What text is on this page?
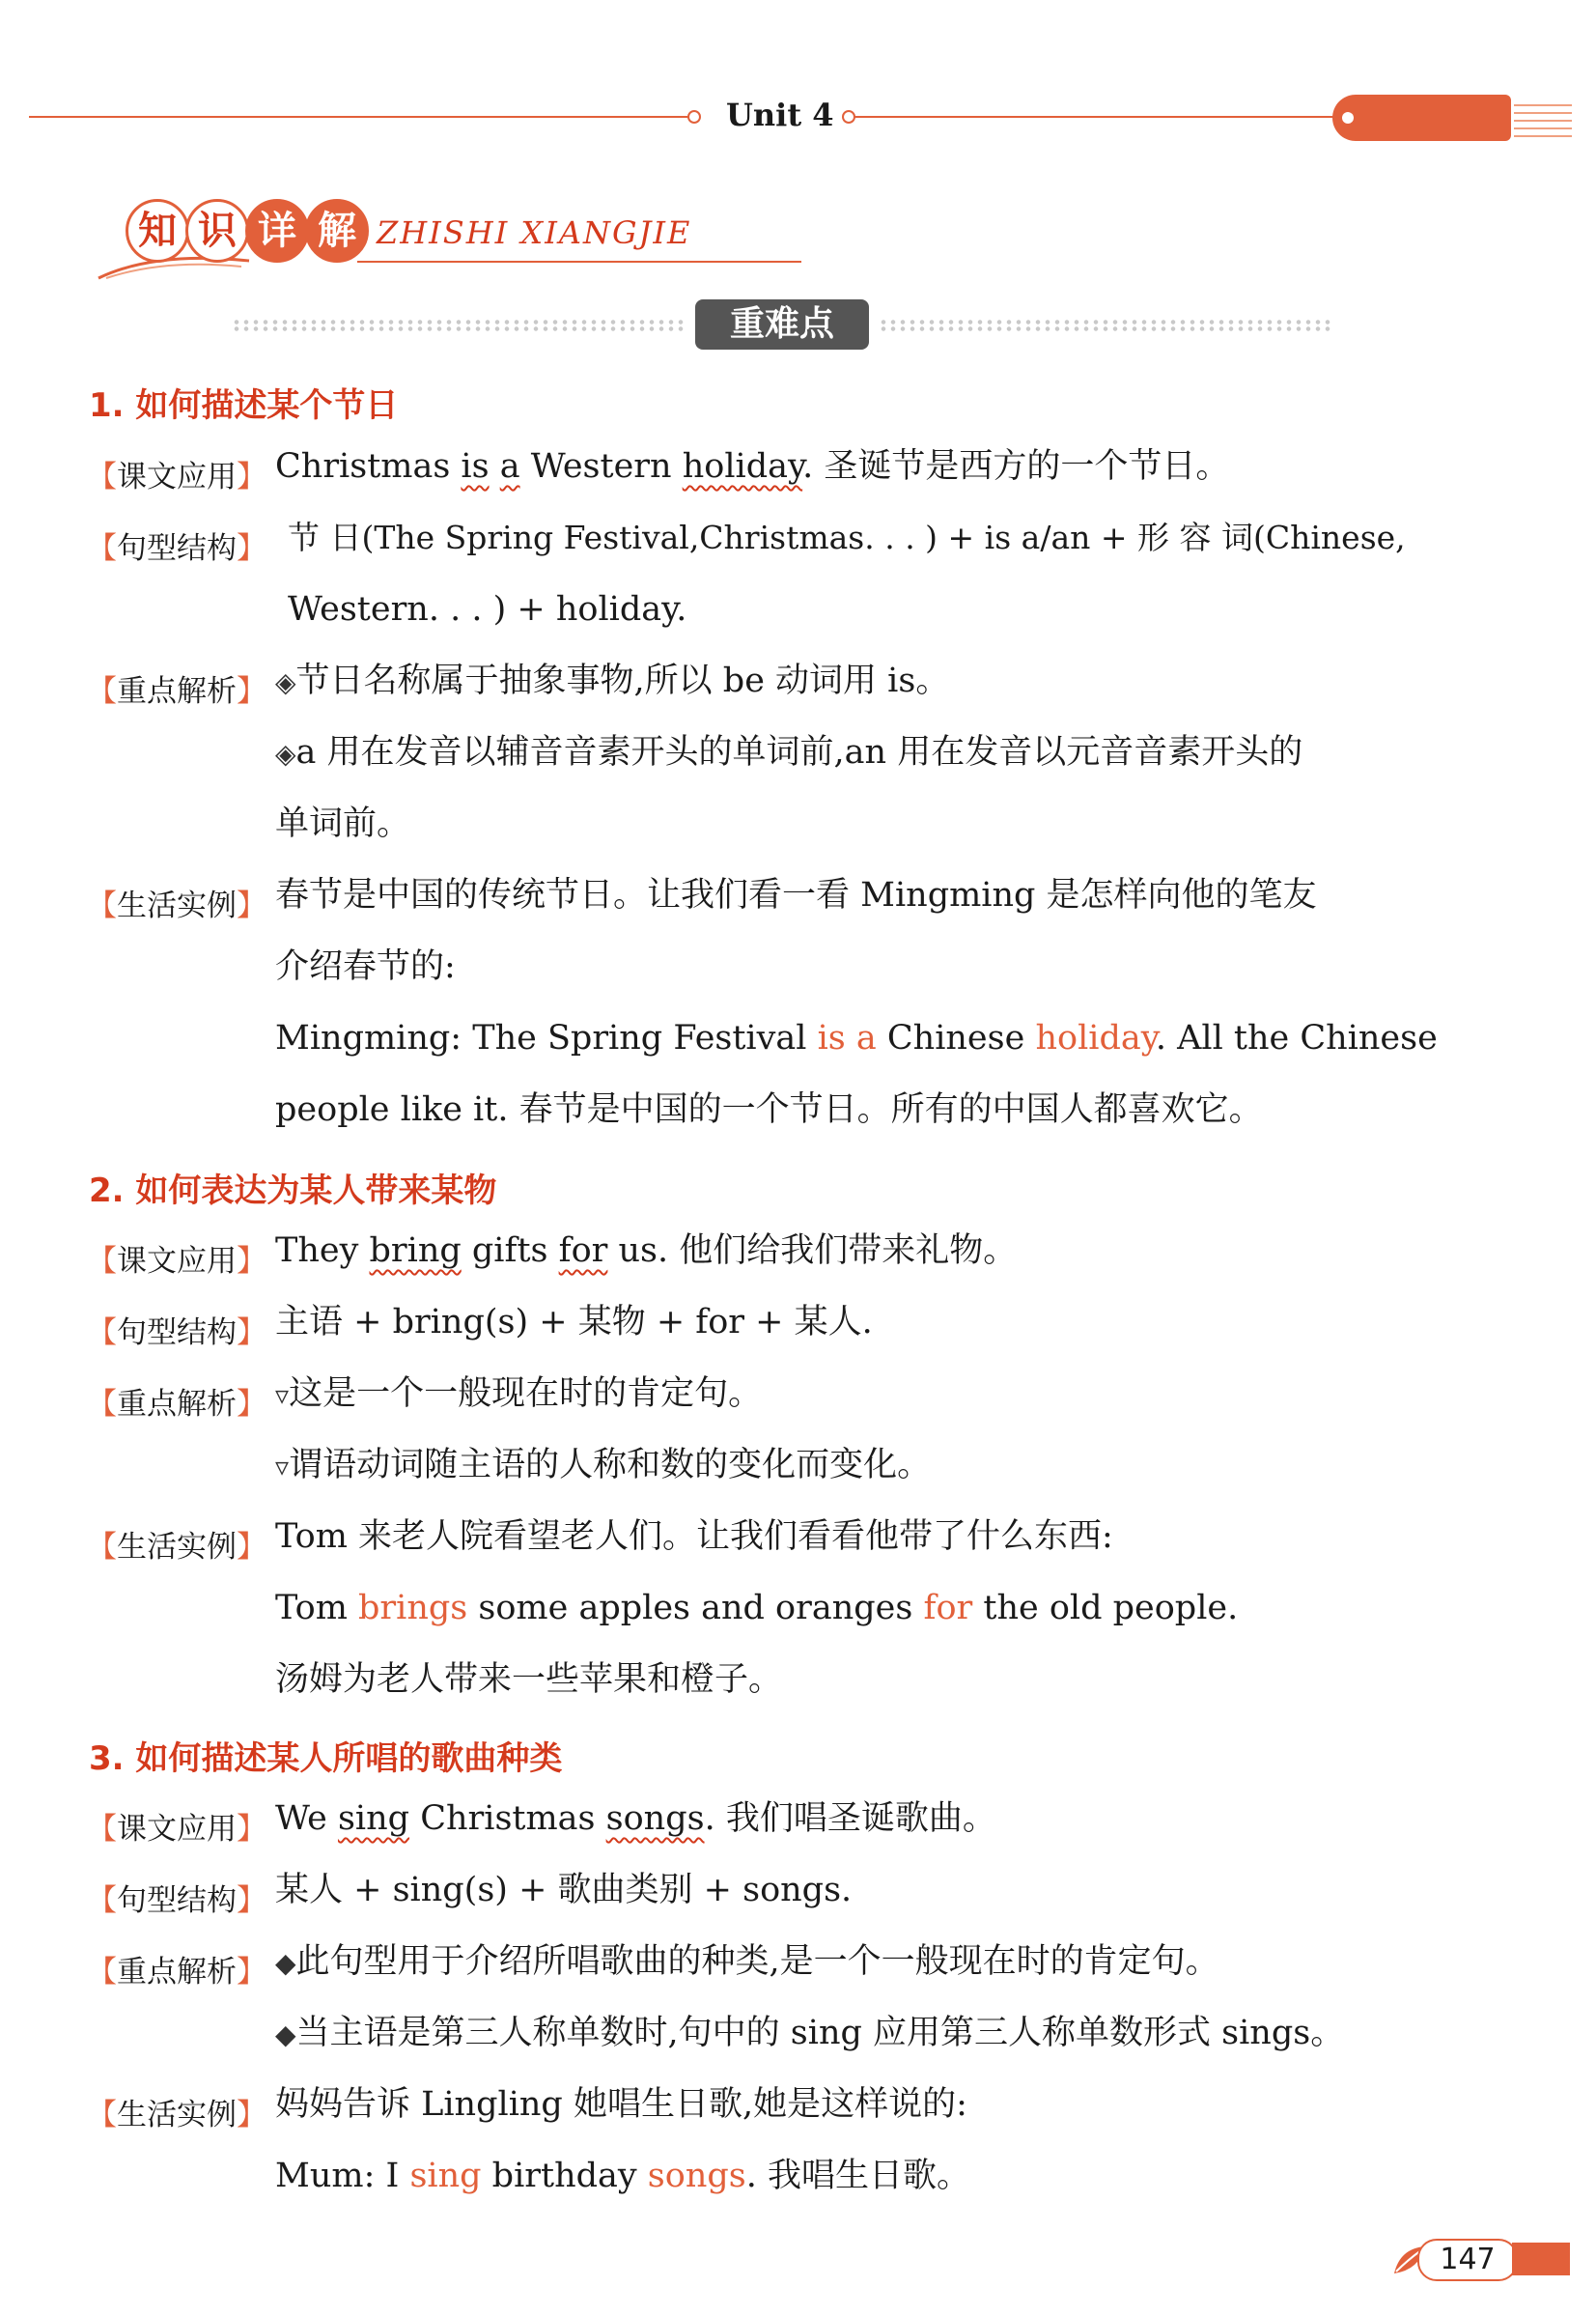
Unit 4
知 识 详 解 ZHISHI XIANGJIE
重难点
1. 如何描述某个节日
【课文应用】 Christmas is a Western holiday. 圣诞节是西方的一个节日。
【句型结构】 节 日(The Spring Festival,Christmas. . . ) + is a/an + 形 容 词(Chinese,
Western. . . ) + holiday.
【重点解析】 ◈节日名称属于抽象事物,所以 be 动词用 is。
◈a 用在发音以辅音音素开头的单词前,an 用在发音以元音音素开头的
单词前。
【生活实例】 春节是中国的传统节日。让我们看一看 Mingming 是怎样向他的笔友
介绍春节的:
Mingming: The Spring Festival is a Chinese holiday. All the Chinese
people like it. 春节是中国的一个节日。所有的中国人都喜欢它。
2. 如何表达为某人带来某物
【课文应用】 They bring gifts for us. 他们给我们带来礼物。
【句型结构】 主语 + bring(s) + 某物 + for + 某人.
【重点解析】 ▿这是一个一般现在时的肯定句。
▿谓语动词随主语的人称和数的变化而变化。
【生活实例】 Tom 来老人院看望老人们。让我们看看他带了什么东西:
Tom brings some apples and oranges for the old people.
汤姆为老人带来一些苹果和橙子。
3. 如何描述某人所唱的歌曲种类
【课文应用】 We sing Christmas songs. 我们唱圣诞歌曲。
【句型结构】 某人 + sing(s) + 歌曲类别 + songs.
【重点解析】 ◆此句型用于介绍所唱歌曲的种类,是一个一般现在时的肯定句。
◆当主语是第三人称单数时,句中的 sing 应用第三人称单数形式 sings。
【生活实例】 妈妈告诉 Lingling 她唱生日歌,她是这样说的:
Mum: I sing birthday songs. 我唱生日歌。
147
